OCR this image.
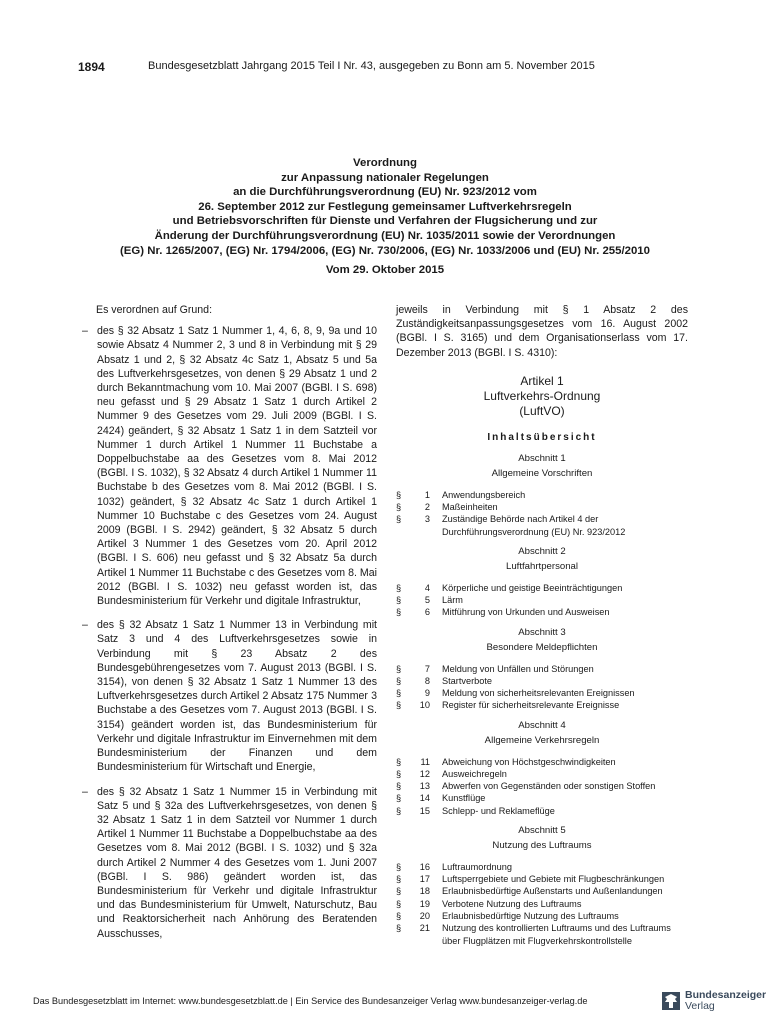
1894	Bundesgesetzblatt Jahrgang 2015 Teil I Nr. 43, ausgegeben zu Bonn am 5. November 2015
Verordnung
zur Anpassung nationaler Regelungen
an die Durchführungsverordnung (EU) Nr. 923/2012 vom
26. September 2012 zur Festlegung gemeinsamer Luftverkehrsregeln
und Betriebsvorschriften für Dienste und Verfahren der Flugsicherung und zur
Änderung der Durchführungsverordnung (EU) Nr. 1035/2011 sowie der Verordnungen
(EG) Nr. 1265/2007, (EG) Nr. 1794/2006, (EG) Nr. 730/2006, (EG) Nr. 1033/2006 und (EU) Nr. 255/2010
Vom 29. Oktober 2015

Es verordnen auf Grund:

– des § 32 Absatz 1 Satz 1 Nummer 1, 4, 6, 8, 9, 9a und 10 sowie Absatz 4 Nummer 2, 3 und 8 in Verbindung mit § 29 Absatz 1 und 2, § 32 Absatz 4c Satz 1, Absatz 5 und 5a des Luftverkehrsgesetzes, von denen § 29 Absatz 1 und 2 durch Bekanntmachung vom 10. Mai 2007 (BGBl. I S. 698) neu gefasst und § 29 Absatz 1 Satz 1 durch Artikel 2 Nummer 9 des Gesetzes vom 29. Juli 2009 (BGBl. I S. 2424) geändert, § 32 Absatz 1 Satz 1 in dem Satzteil vor Nummer 1 durch Artikel 1 Nummer 11 Buchstabe a Doppelbuchstabe aa des Gesetzes vom 8. Mai 2012 (BGBl. I S. 1032), § 32 Absatz 4 durch Artikel 1 Nummer 11 Buchstabe b des Gesetzes vom 8. Mai 2012 (BGBl. I S. 1032) geändert, § 32 Absatz 4c Satz 1 durch Artikel 1 Nummer 10 Buchstabe c des Gesetzes vom 24. August 2009 (BGBl. I S. 2942) geändert, § 32 Absatz 5 durch Artikel 3 Nummer 1 des Gesetzes vom 20. April 2012 (BGBl. I S. 606) neu gefasst und § 32 Absatz 5a durch Artikel 1 Nummer 11 Buchstabe c des Gesetzes vom 8. Mai 2012 (BGBl. I S. 1032) neu gefasst worden ist, das Bundesministerium für Verkehr und digitale Infrastruktur,
– des § 32 Absatz 1 Satz 1 Nummer 13 in Verbindung mit Satz 3 und 4 des Luftverkehrsgesetzes sowie in Verbindung mit § 23 Absatz 2 des Bundesgebührengesetzes vom 7. August 2013 (BGBl. I S. 3154), von denen § 32 Absatz 1 Satz 1 Nummer 13 des Luftverkehrsgesetzes durch Artikel 2 Absatz 175 Nummer 3 Buchstabe a des Gesetzes vom 7. August 2013 (BGBl. I S. 3154) geändert worden ist, das Bundesministerium für Verkehr und digitale Infrastruktur im Einvernehmen mit dem Bundesministerium der Finanzen und dem Bundesministerium für Wirtschaft und Energie,
– des § 32 Absatz 1 Satz 1 Nummer 15 in Verbindung mit Satz 5 und § 32a des Luftverkehrsgesetzes, von denen § 32 Absatz 1 Satz 1 in dem Satzteil vor Nummer 1 durch Artikel 1 Nummer 11 Buchstabe a Doppelbuchstabe aa des Gesetzes vom 8. Mai 2012 (BGBl. I S. 1032) und § 32a durch Artikel 2 Nummer 4 des Gesetzes vom 1. Juni 2007 (BGBl. I S. 986) geändert worden ist, das Bundesministerium für Verkehr und digitale Infrastruktur und das Bundesministerium für Umwelt, Naturschutz, Bau und Reaktorsicherheit nach Anhörung des Beratenden Ausschusses,

jeweils in Verbindung mit § 1 Absatz 2 des Zuständigkeitsanpassungsgesetzes vom 16. August 2002 (BGBl. I S. 3165) und dem Organisationserlass vom 17. Dezember 2013 (BGBl. I S. 4310):

Artikel 1
Luftverkehrs-Ordnung
(LuftVO)
Inhaltsübersicht
Abschnitt 1
Allgemeine Vorschriften
§	1	Anwendungsbereich
§	2	Maßeinheiten
§	3	Zuständige Behörde nach Artikel 4 der Durchführungsverordnung (EU) Nr. 923/2012
Abschnitt 2
Luftfahrtpersonal
§	4	Körperliche und geistige Beeinträchtigungen
§	5	Lärm
§	6	Mitführung von Urkunden und Ausweisen
Abschnitt 3
Besondere Meldepflichten
§	7	Meldung von Unfällen und Störungen
§	8	Startverbote
§	9	Meldung von sicherheitsrelevanten Ereignissen
§	10	Register für sicherheitsrelevante Ereignisse
Abschnitt 4
Allgemeine Verkehrsregeln
§	11	Abweichung von Höchstgeschwindigkeiten
§	12	Ausweichregeln
§	13	Abwerfen von Gegenständen oder sonstigen Stoffen
§	14	Kunstflüge
§	15	Schlepp- und Reklameflüge
Abschnitt 5
Nutzung des Luftraums
§	16	Luftraumordnung
§	17	Luftsperrgebiete und Gebiete mit Flugbeschränkungen
§	18	Erlaubnisbedürftige Außenstarts und Außenlandungen
§	19	Verbotene Nutzung des Luftraums
§	20	Erlaubnisbedürftige Nutzung des Luftraums
§	21	Nutzung des kontrollierten Luftraums und des Luftraums über Flugplätzen mit Flugverkehrskontrollstelle
Das Bundesgesetzblatt im Internet: www.bundesgesetzblatt.de | Ein Service des Bundesanzeiger Verlag www.bundesanzeiger-verlag.de	Bundesanzeiger
Verlag
